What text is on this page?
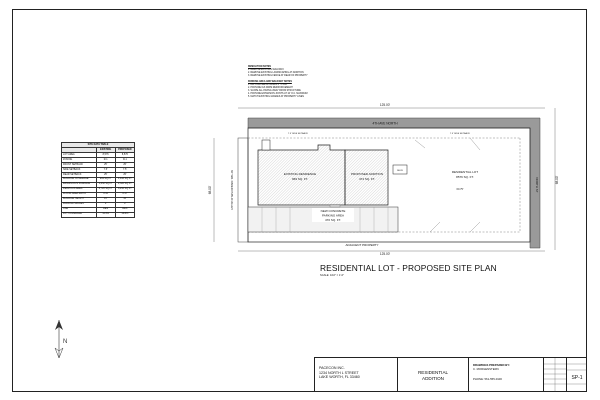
SITE DATA TABLE		
	EXISTING	PROPOSED
LOT AREA	8,576	8,576
ZONING	R-1	R-1
FRONT SETBACK	25'	25'
SIDE SETBACK	7.5'	7.5'
REAR SETBACK	25'	25'
BUILDING COVERAGE	969 SQ FT	1,443 SQ FT
IMPERVIOUS SURFACE	1,850 SQ FT	2,320 SQ FT
PERVIOUS AREA	6,726 SQ FT	6,256 SQ FT
FLOOR AREA RATIO	0.11	0.17
BUILDING HEIGHT	15'	15'
PARKING SPACES	2	2
USE	RES	RES
LOT COVERAGE	11.3%	16.8%
DEMOLITION NOTES
1. REMOVE EXISTING WALKWAY
2. REMOVE EXISTING LANDSCAPING AT ADDITION
3. REMOVE EXISTING FENCE AT REAR OF PROPERTY
PARKING AREA AND WALKWAY NOTES
1. ALL CONCRETE PAVING 4" THICK
2. PROVIDE 6x6 WWM REINFORCEMENT
3. SLOPE ALL PAVING AWAY FROM STRUCTURE
4. PROVIDE EXPANSION JOINTS AT 10' O.C. MAXIMUM
5. MATCH EXISTING GRADES AT PROPERTY LINES
125.00'
125.00'
68.00'
68.00'
4TH AVE NORTH
NORTH ST
60' WD. PAVED PUBLIC ALLEY
7.5' SIDE SETBACK	7.5' SIDE SETBACK
60.75'
EXISTING RESIDENCE
969 SQ. FT.
PROPOSED ADDITION
474 SQ. FT.
DECK	RESIDENTIAL LOT
8576 SQ. FT.
NEW CONCRETE
PARKING AREA
470 SQ. FT.
ADJACENT PROPERTY
RESIDENTIAL LOT - PROPOSED SITE PLAN
SCALE: 1/16" = 1'-0"
N
PACECON INC.
1234 NORTH L STREET
LAKE WORTH, FL 33460
RESIDENTIAL
ADDITION
DRAWINGS PREPARED BY:
C. MORGENSTERN
PHONE: 561-555-0100	SP-1
